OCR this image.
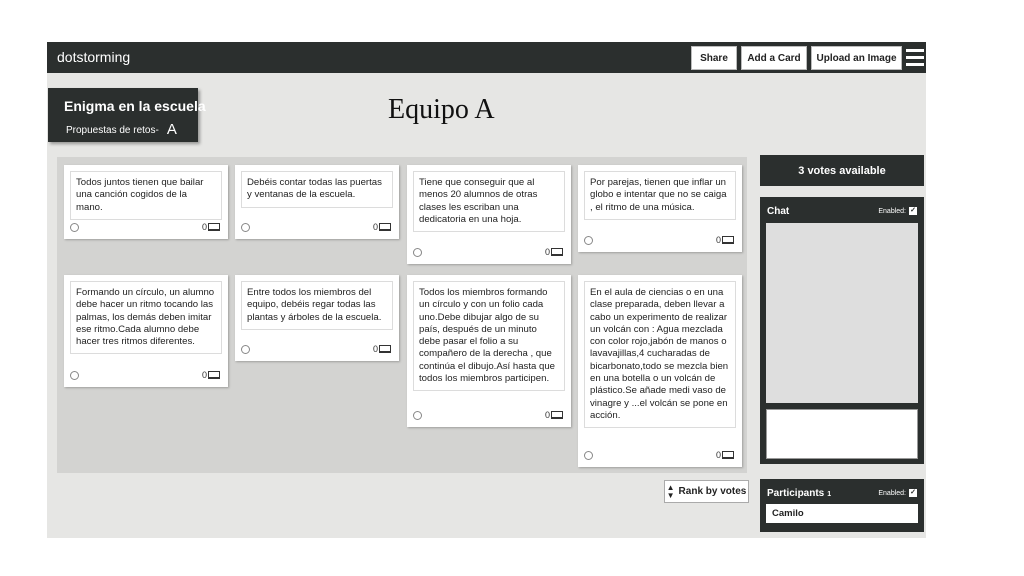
dotstorming	Share	Add a Card	Upload an Image
Enigma en la escuela
Propuestas de retos- A
Equipo A
Todos juntos tienen que bailar una canción cogidos de la mano.
0
Debéis contar todas las puertas y ventanas de la escuela.
0
Tiene que conseguir que al menos 20 alumnos de otras clases les escriban una dedicatoria en una hoja.
0
Por parejas, tienen que inflar un globo e intentar que no se caiga , el ritmo de una música.
0
Formando un círculo, un alumno debe hacer un ritmo tocando las palmas, los demás deben imitar ese ritmo.Cada alumno debe hacer tres ritmos diferentes.
0
Entre todos los miembros del equipo, debéis regar todas las plantas y árboles de la escuela.
0
Todos los miembros formando un círculo y con un folio cada uno.Debe dibujar algo de su país, después de un minuto debe pasar el folio a su compañero de la derecha , que continúa el dibujo.Así hasta que todos los miembros participen.
0
En el aula de ciencias o en una clase preparada, deben llevar a cabo un experimento de realizar un volcán con : Agua mezclada con color rojo,jabón de manos o lavavajillas,4 cucharadas de bicarbonato,todo se mezcla bien en una botella o un volcán de plástico.Se añade medi vaso de vinagre y ...el volcán se pone en acción.
0
▲
▼ Rank by votes
3 votes available
Chat	Enabled: ✓
Participants 1	Enabled: ✓
Camilo
